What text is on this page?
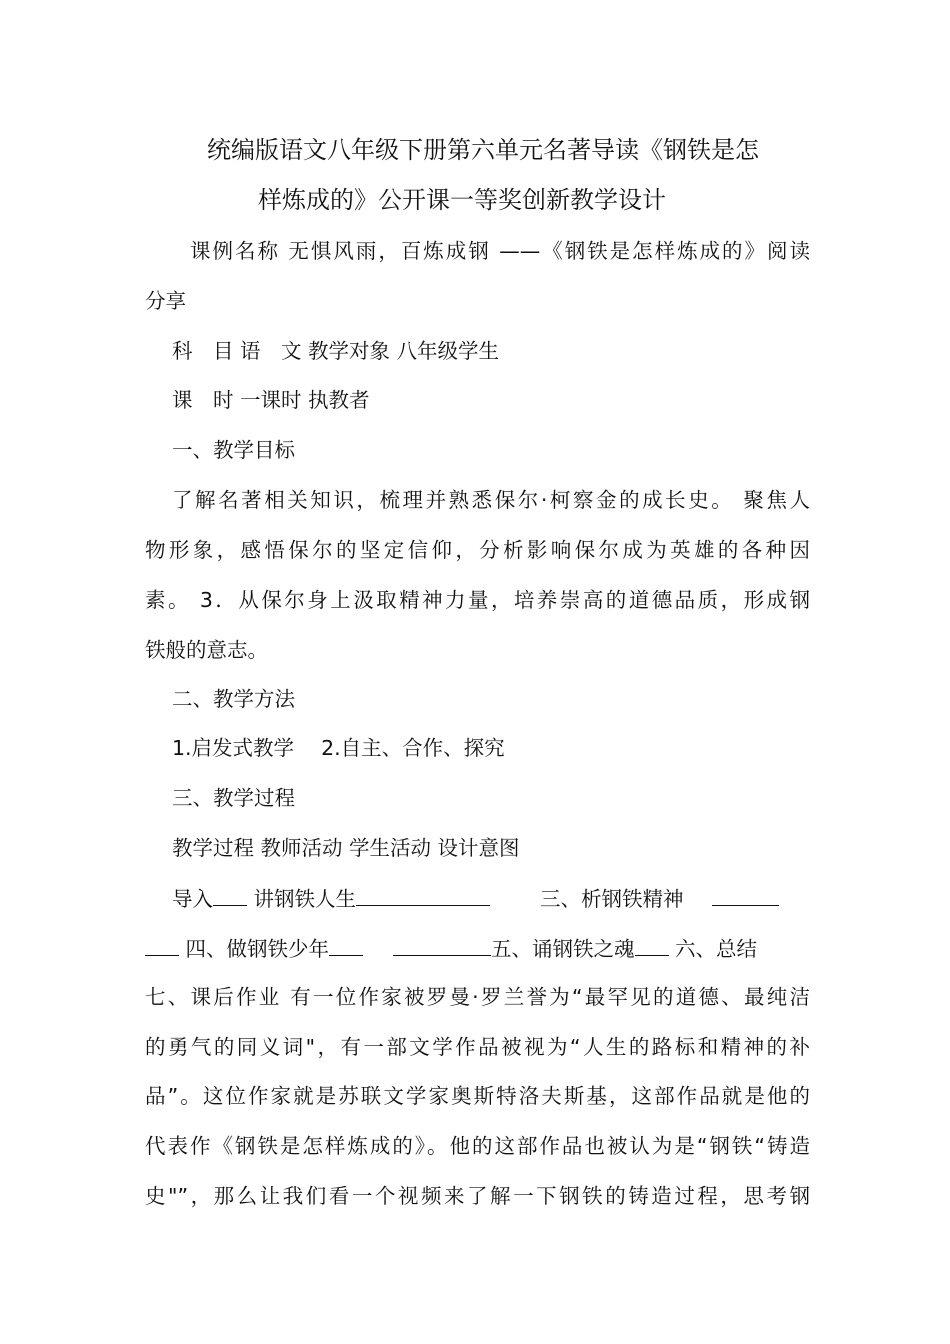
统编版语文八年级下册第六单元名著导读《钢铁是怎
样炼成的》公开课一等奖创新教学设计
课例名称 无惧风雨，百炼成钢 ——《钢铁是怎样炼成的》阅读
分享
科　目 语　文 教学对象 八年级学生
课　时 一课时 执教者
一、教学目标
了解名著相关知识，梳理并熟悉保尔·柯察金的成长史。 聚焦人
物形象，感悟保尔的坚定信仰，分析影响保尔成为英雄的各种因
素。 3．从保尔身上汲取精神力量，培养崇高的道德品质，形成钢
铁般的意志。
二、教学方法
1.启发式教学　 2.自主、合作、探究
三、教学过程
教学过程 教师活动 学生活动 设计意图
导入 讲钢铁人生	三、析钢铁精神
四、做钢铁少年	五、诵钢铁之魂 六、总结
七、课后作业 有一位作家被罗曼·罗兰誉为“最罕见的道德、最纯洁
的勇气的同义词"，有一部文学作品被视为“人生的路标和精神的补
品”。这位作家就是苏联文学家奥斯特洛夫斯基，这部作品就是他的
代表作《钢铁是怎样炼成的》。他的这部作品也被认为是“钢铁“铸造
史"”，那么让我们看一个视频来了解一下钢铁的铸造过程，思考钢
